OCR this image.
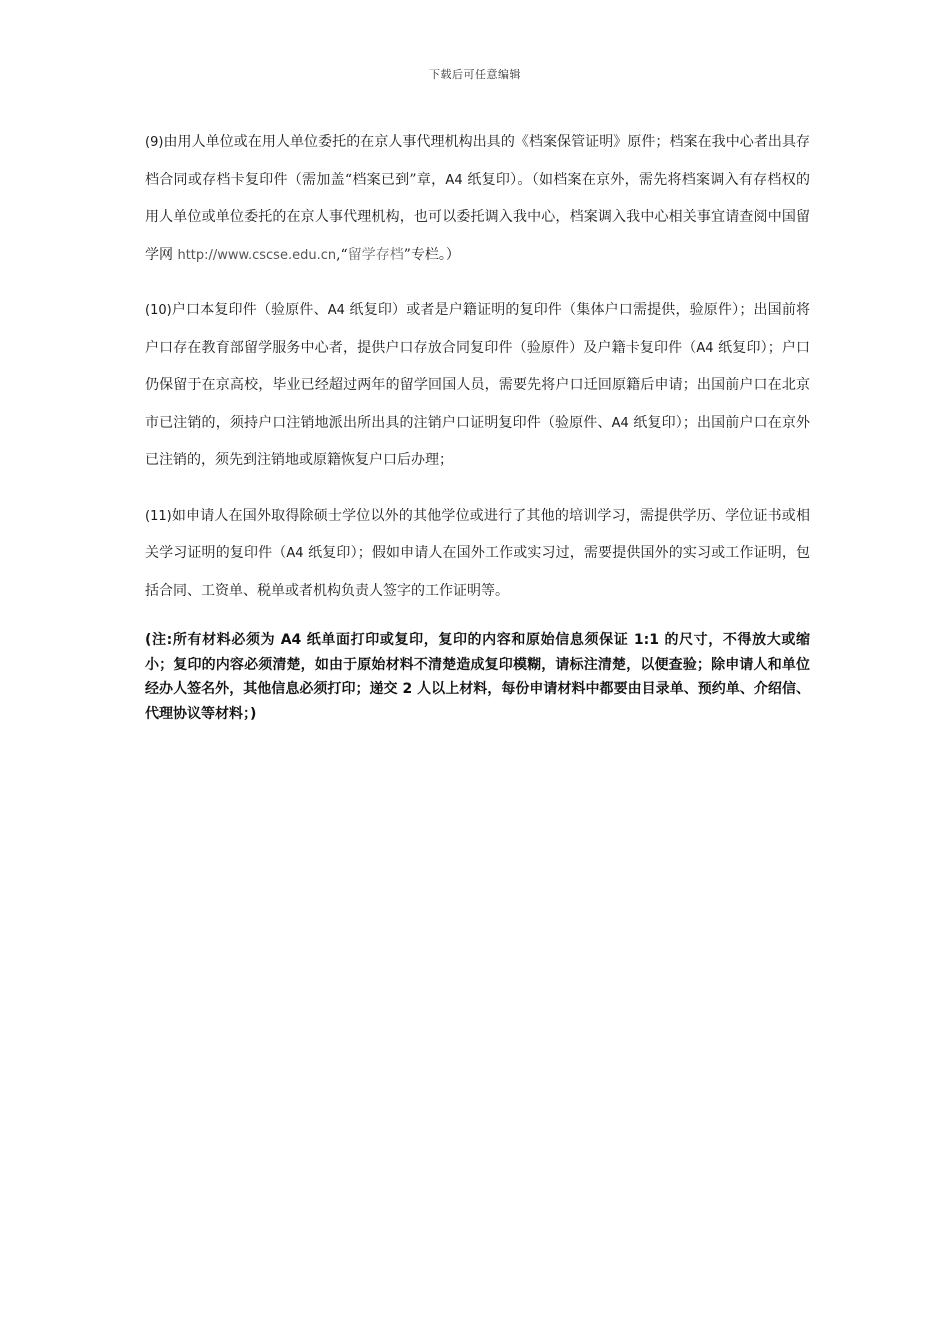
下载后可任意编辑

(9)由用人单位或在用人单位委托的在京人事代理机构出具的《档案保管证明》原件；档案在我中心者出具存档合同或存档卡复印件（需加盖“档案已到”章，A4 纸复印）。（如档案在京外，需先将档案调入有存档权的用人单位或单位委托的在京人事代理机构，也可以委托调入我中心，档案调入我中心相关事宜请查阅中国留学网 http://www.cscse.edu.cn,“留学存档”专栏。）

(10)户口本复印件（验原件、A4 纸复印）或者是户籍证明的复印件（集体户口需提供，验原件）；出国前将户口存在教育部留学服务中心者，提供户口存放合同复印件（验原件）及户籍卡复印件（A4 纸复印）；户口仍保留于在京高校，毕业已经超过两年的留学回国人员，需要先将户口迁回原籍后申请；出国前户口在北京市已注销的，须持户口注销地派出所出具的注销户口证明复印件（验原件、A4 纸复印）；出国前户口在京外已注销的，须先到注销地或原籍恢复户口后办理；

(11)如申请人在国外取得除硕士学位以外的其他学位或进行了其他的培训学习，需提供学历、学位证书或相关学习证明的复印件（A4 纸复印）；假如申请人在国外工作或实习过，需要提供国外的实习或工作证明，包括合同、工资单、税单或者机构负责人签字的工作证明等。

(注:所有材料必须为 A4 纸单面打印或复印，复印的内容和原始信息须保证 1:1 的尺寸，不得放大或缩小；复印的内容必须清楚，如由于原始材料不清楚造成复印模糊，请标注清楚，以便查验；除申请人和单位经办人签名外，其他信息必须打印；递交 2 人以上材料，每份申请材料中都要由目录单、预约单、介绍信、代理协议等材料；)
